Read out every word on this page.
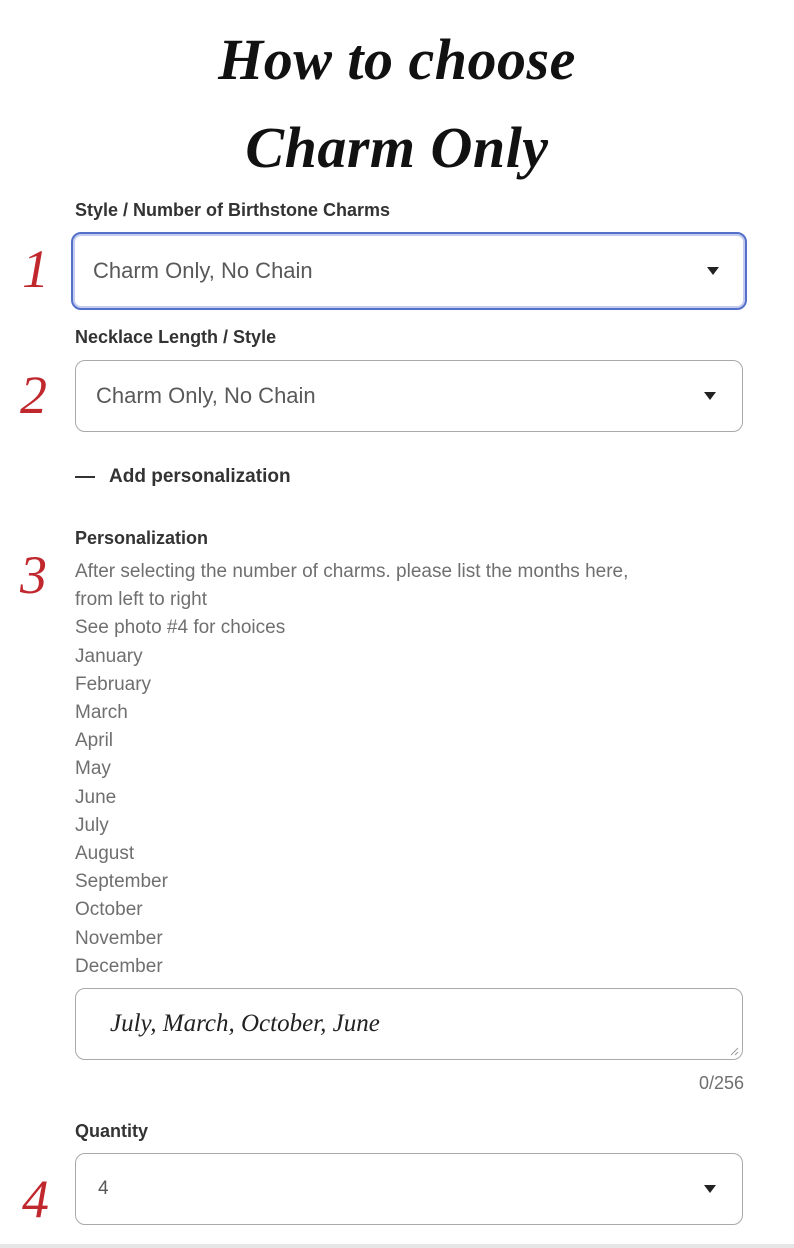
How to choose
Charm Only
Style / Number of Birthstone Charms
1 Charm Only, No Chain
Necklace Length / Style
2 Charm Only, No Chain
Add personalization
Personalization
3 After selecting the number of charms. please list the months here,
from left to right
See photo #4 for choices
January
February
March
April
May
June
July
August
September
October
November
December
July, March, October, June
0/256
Quantity
4	4
